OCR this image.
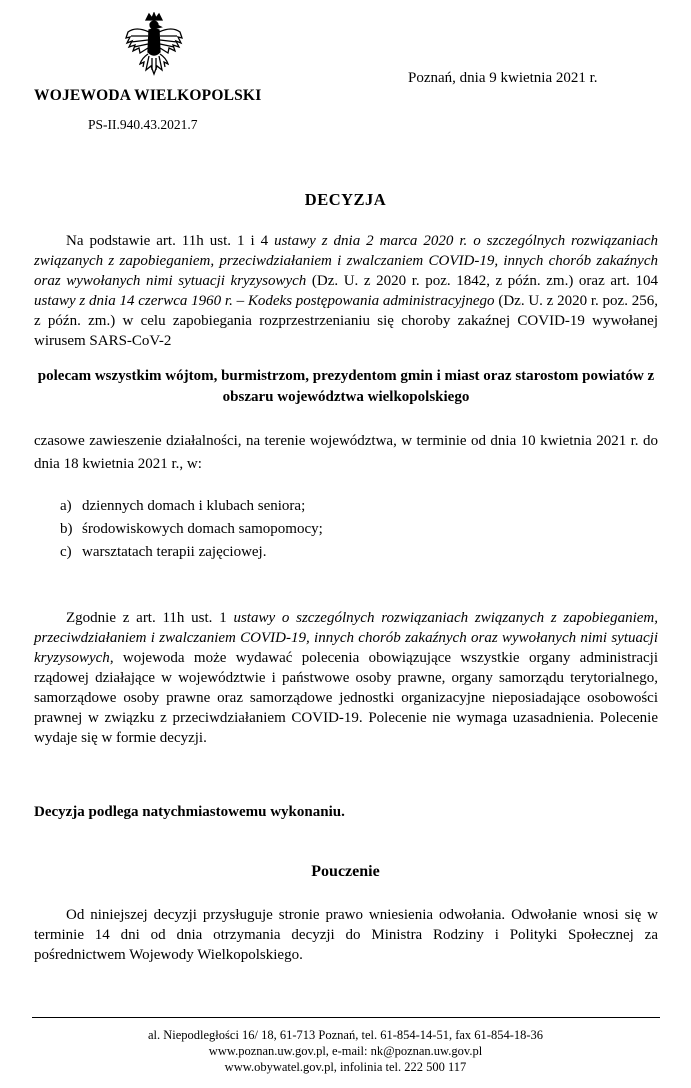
WOJEWODA WIELKOPOLSKI
PS-II.940.43.2021.7
Poznań, dnia 9 kwietnia 2021 r.
DECYZJA
Na podstawie art. 11h ust. 1 i 4 ustawy z dnia 2 marca 2020 r. o szczególnych rozwiązaniach związanych z zapobieganiem, przeciwdziałaniem i zwalczaniem COVID-19, innych chorób zakaźnych oraz wywołanych nimi sytuacji kryzysowych (Dz. U. z 2020 r. poz. 1842, z późn. zm.) oraz art. 104 ustawy z dnia 14 czerwca 1960 r. – Kodeks postępowania administracyjnego (Dz. U. z 2020 r. poz. 256, z późn. zm.) w celu zapobiegania rozprzestrzenianiu się choroby zakaźnej COVID-19 wywołanej wirusem SARS-CoV-2
polecam wszystkim wójtom, burmistrzom, prezydentom gmin i miast oraz starostom powiatów z obszaru województwa wielkopolskiego
czasowe zawieszenie działalności, na terenie województwa, w terminie od dnia 10 kwietnia 2021 r. do dnia 18 kwietnia 2021 r., w:
a) dziennych domach i klubach seniora;
b) środowiskowych domach samopomocy;
c) warsztatach terapii zajęciowej.
Zgodnie z art. 11h ust. 1 ustawy o szczególnych rozwiązaniach związanych z zapobieganiem, przeciwdziałaniem i zwalczaniem COVID-19, innych chorób zakaźnych oraz wywołanych nimi sytuacji kryzysowych, wojewoda może wydawać polecenia obowiązujące wszystkie organy administracji rządowej działające w województwie i państwowe osoby prawne, organy samorządu terytorialnego, samorządowe osoby prawne oraz samorządowe jednostki organizacyjne nieposiadające osobowości prawnej w związku z przeciwdziałaniem COVID-19. Polecenie nie wymaga uzasadnienia. Polecenie wydaje się w formie decyzji.
Decyzja podlega natychmiastowemu wykonaniu.
Pouczenie
Od niniejszej decyzji przysługuje stronie prawo wniesienia odwołania. Odwołanie wnosi się w terminie 14 dni od dnia otrzymania decyzji do Ministra Rodziny i Polityki Społecznej za pośrednictwem Wojewody Wielkopolskiego.
al. Niepodległości 16/ 18, 61-713 Poznań, tel. 61-854-14-51, fax 61-854-18-36
www.poznan.uw.gov.pl, e-mail: nk@poznan.uw.gov.pl
www.obywatel.gov.pl, infolinia tel. 222 500 117
